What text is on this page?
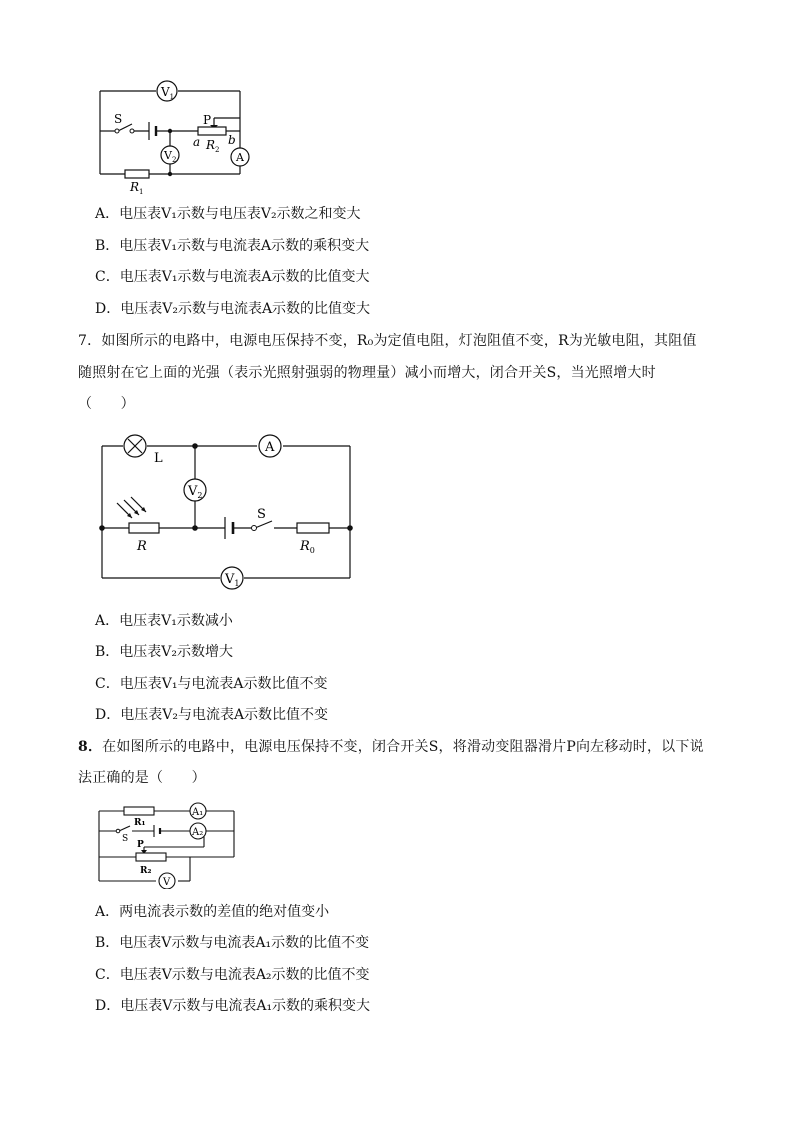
$V_1$
$V_2$	A
S	P
a b
$R_2$
$R_1$
A．电压表V₁示数与电压表V₂示数之和变大
B．电压表V₁示数与电流表A示数的乘积变大
C．电压表V₁示数与电流表A示数的比值变大
D．电压表V₂示数与电流表A示数的比值变大
7．如图所示的电路中，电源电压保持不变，R₀为定值电阻，灯泡阻值不变，R为光敏电阻，其阻值
随照射在它上面的光强（表示光照射强弱的物理量）减小而增大，闭合开关S，当光照增大时
（　　）
A
$V_2$
$V_1$
L
S
R	$R_0$
A．电压表V₁示数减小
B．电压表V₂示数增大
C．电压表V₁与电流表A示数比值不变
D．电压表V₂与电流表A示数比值不变
8．在如图所示的电路中，电源电压保持不变，闭合开关S，将滑动变阻器滑片P向左移动时，以下说
法正确的是（　　）
A₁
A₂
V
R₁
S
P
R₂
A．两电流表示数的差值的绝对值变小
B．电压表V示数与电流表A₁示数的比值不变
C．电压表V示数与电流表A₂示数的比值不变
D．电压表V示数与电流表A₁示数的乘积变大
